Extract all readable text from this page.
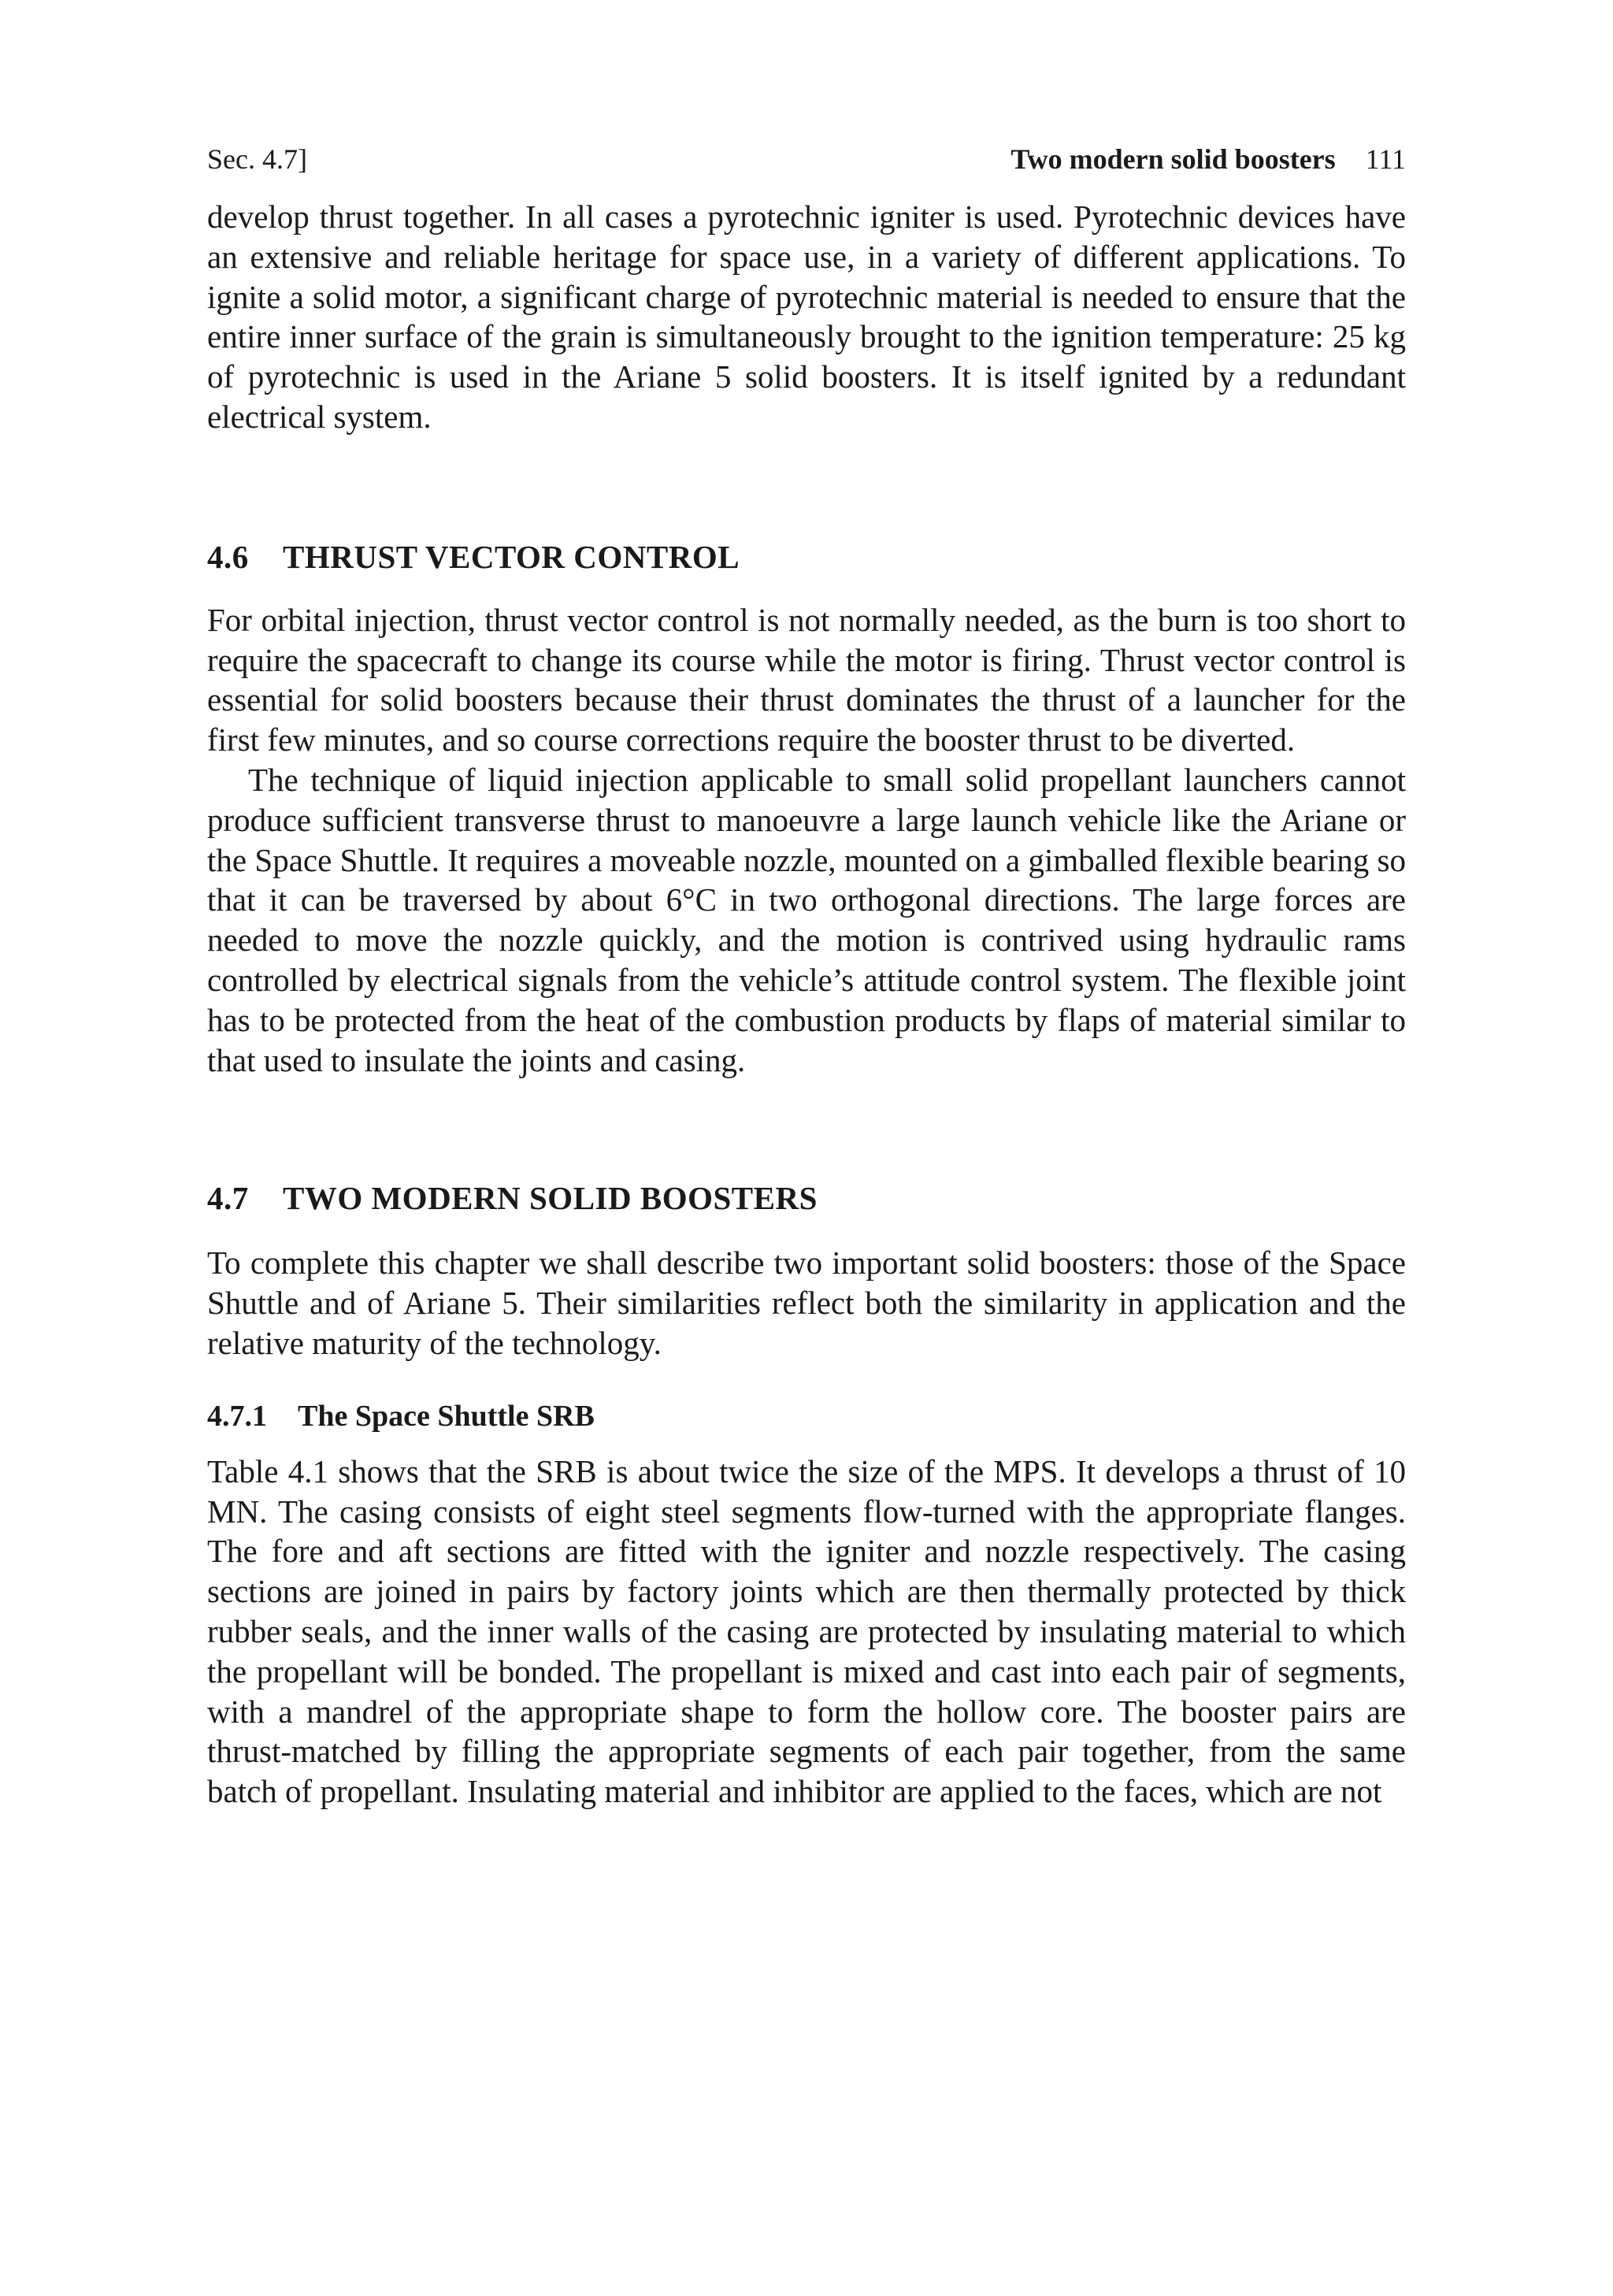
Sec. 4.7]	Two modern solid boosters 111

develop thrust together. In all cases a pyrotechnic igniter is used. Pyrotechnic devices have an extensive and reliable heritage for space use, in a variety of different applications. To ignite a solid motor, a significant charge of pyrotechnic material is needed to ensure that the entire inner surface of the grain is simultaneously brought to the ignition temperature: 25 kg of pyrotechnic is used in the Ariane 5 solid boosters. It is itself ignited by a redundant electrical system.

4.6 THRUST VECTOR CONTROL

For orbital injection, thrust vector control is not normally needed, as the burn is too short to require the spacecraft to change its course while the motor is firing. Thrust vector control is essential for solid boosters because their thrust dominates the thrust of a launcher for the first few minutes, and so course corrections require the booster thrust to be diverted.

The technique of liquid injection applicable to small solid propellant launchers cannot produce sufficient transverse thrust to manoeuvre a large launch vehicle like the Ariane or the Space Shuttle. It requires a moveable nozzle, mounted on a gimballed flexible bearing so that it can be traversed by about 6°C in two orthogonal directions. The large forces are needed to move the nozzle quickly, and the motion is contrived using hydraulic rams controlled by electrical signals from the vehicle’s attitude control system. The flexible joint has to be protected from the heat of the combustion products by flaps of material similar to that used to insulate the joints and casing.

4.7 TWO MODERN SOLID BOOSTERS

To complete this chapter we shall describe two important solid boosters: those of the Space Shuttle and of Ariane 5. Their similarities reflect both the similarity in application and the relative maturity of the technology.

4.7.1 The Space Shuttle SRB

Table 4.1 shows that the SRB is about twice the size of the MPS. It develops a thrust of 10 MN. The casing consists of eight steel segments flow-turned with the appropriate flanges. The fore and aft sections are fitted with the igniter and nozzle respectively. The casing sections are joined in pairs by factory joints which are then thermally protected by thick rubber seals, and the inner walls of the casing are protected by insulating material to which the propellant will be bonded. The propellant is mixed and cast into each pair of segments, with a mandrel of the appropriate shape to form the hollow core. The booster pairs are thrust-matched by filling the appropriate segments of each pair together, from the same batch of propellant. Insulating material and inhibitor are applied to the faces, which are not
